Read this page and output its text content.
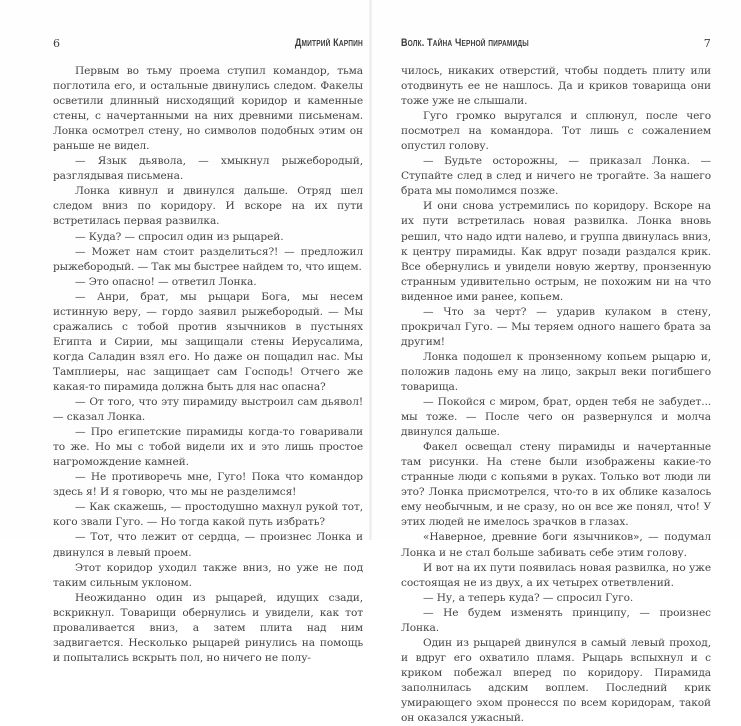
6	Дмитрий Карпин

Первым во тьму проема ступил командор, тьма поглотила его, и остальные двинулись следом. Факелы осветили длинный нисходящий коридор и каменные стены, с начертанными на них древними письменам. Лонка осмотрел стену, но символов подобных этим он раньше не видел.

— Язык дьявола, — хмыкнул рыжебородый, разглядывая письмена.

Лонка кивнул и двинулся дальше. Отряд шел следом вниз по коридору. И вскоре на их пути встретилась первая развилка.

— Куда? — спросил один из рыцарей.

— Может нам стоит разделиться?! — предложил рыжебородый. — Так мы быстрее найдем то, что ищем.

— Это опасно! — ответил Лонка.

— Анри, брат, мы рыцари Бога, мы несем истинную веру, — гордо заявил рыжебородый. — Мы сражались с тобой против язычников в пустынях Египта и Сирии, мы защищали стены Иерусалима, когда Саладин взял его. Но даже он пощадил нас. Мы Тамплиеры, нас защищает сам Господь! Отчего же какая-то пирамида должна быть для нас опасна?

— От того, что эту пирамиду выстроил сам дьявол! — сказал Лонка.

— Про египетские пирамиды когда-то говаривали то же. Но мы с тобой видели их и это лишь простое нагромождение камней.

— Не противоречь мне, Гуго! Пока что командор здесь я! И я говорю, что мы не разделимся!

— Как скажешь, — простодушно махнул рукой тот, кого звали Гуго. — Но тогда какой путь избрать?

— Тот, что лежит от сердца, — произнес Лонка и двинулся в левый проем.

Этот коридор уходил также вниз, но уже не под таким сильным уклоном.

Неожиданно один из рыцарей, идущих сзади, вскрикнул. Товарищи обернулись и увидели, как тот проваливается вниз, а затем плита над ним задвигается. Несколько рыцарей ринулись на помощь и попытались вскрыть пол, но ничего не полу-

Волк. Тайна Черной пирамиды	7

чилось, никаких отверстий, чтобы поддеть плиту или отодвинуть ее не нашлось. Да и криков товарища они тоже уже не слышали.

Гуго громко выругался и сплюнул, после чего посмотрел на командора. Тот лишь с сожалением опустил голову.

— Будьте осторожны, — приказал Лонка. — Ступайте след в след и ничего не трогайте. За нашего брата мы помолимся позже.

И они снова устремились по коридору. Вскоре на их пути встретилась новая развилка. Лонка вновь решил, что надо идти налево, и группа двинулась вниз, к центру пирамиды. Как вдруг позади раздался крик. Все обернулись и увидели новую жертву, пронзенную странным удивительно острым, не похожим ни на что виденное ими ранее, копьем.

— Что за черт? — ударив кулаком в стену, прокричал Гуго. — Мы теряем одного нашего брата за другим!

Лонка подошел к пронзенному копьем рыцарю и, положив ладонь ему на лицо, закрыл веки погибшего товарища.

— Покойся с миром, брат, орден тебя не забудет... мы тоже. — После чего он развернулся и молча двинулся дальше.

Факел освещал стену пирамиды и начертанные там рисунки. На стене были изображены какие-то странные люди с копьями в руках. Только вот люди ли это? Лонка присмотрелся, что-то в их облике казалось ему необычным, и не сразу, но он все же понял, что! У этих людей не имелось зрачков в глазах.

«Наверное, древние боги язычников», — подумал Лонка и не стал больше забивать себе этим голову.

И вот на их пути появилась новая развилка, но уже состоящая не из двух, а их четырех ответвлений.

— Ну, а теперь куда? — спросил Гуго.

— Не будем изменять принципу, — произнес Лонка.

Один из рыцарей двинулся в самый левый проход, и вдруг его охватило пламя. Рыцарь вспыхнул и с криком побежал вперед по коридору. Пирамида заполнилась адским воплем. Последний крик умирающего эхом пронесся по всем коридорам, такой он оказался ужасный.
